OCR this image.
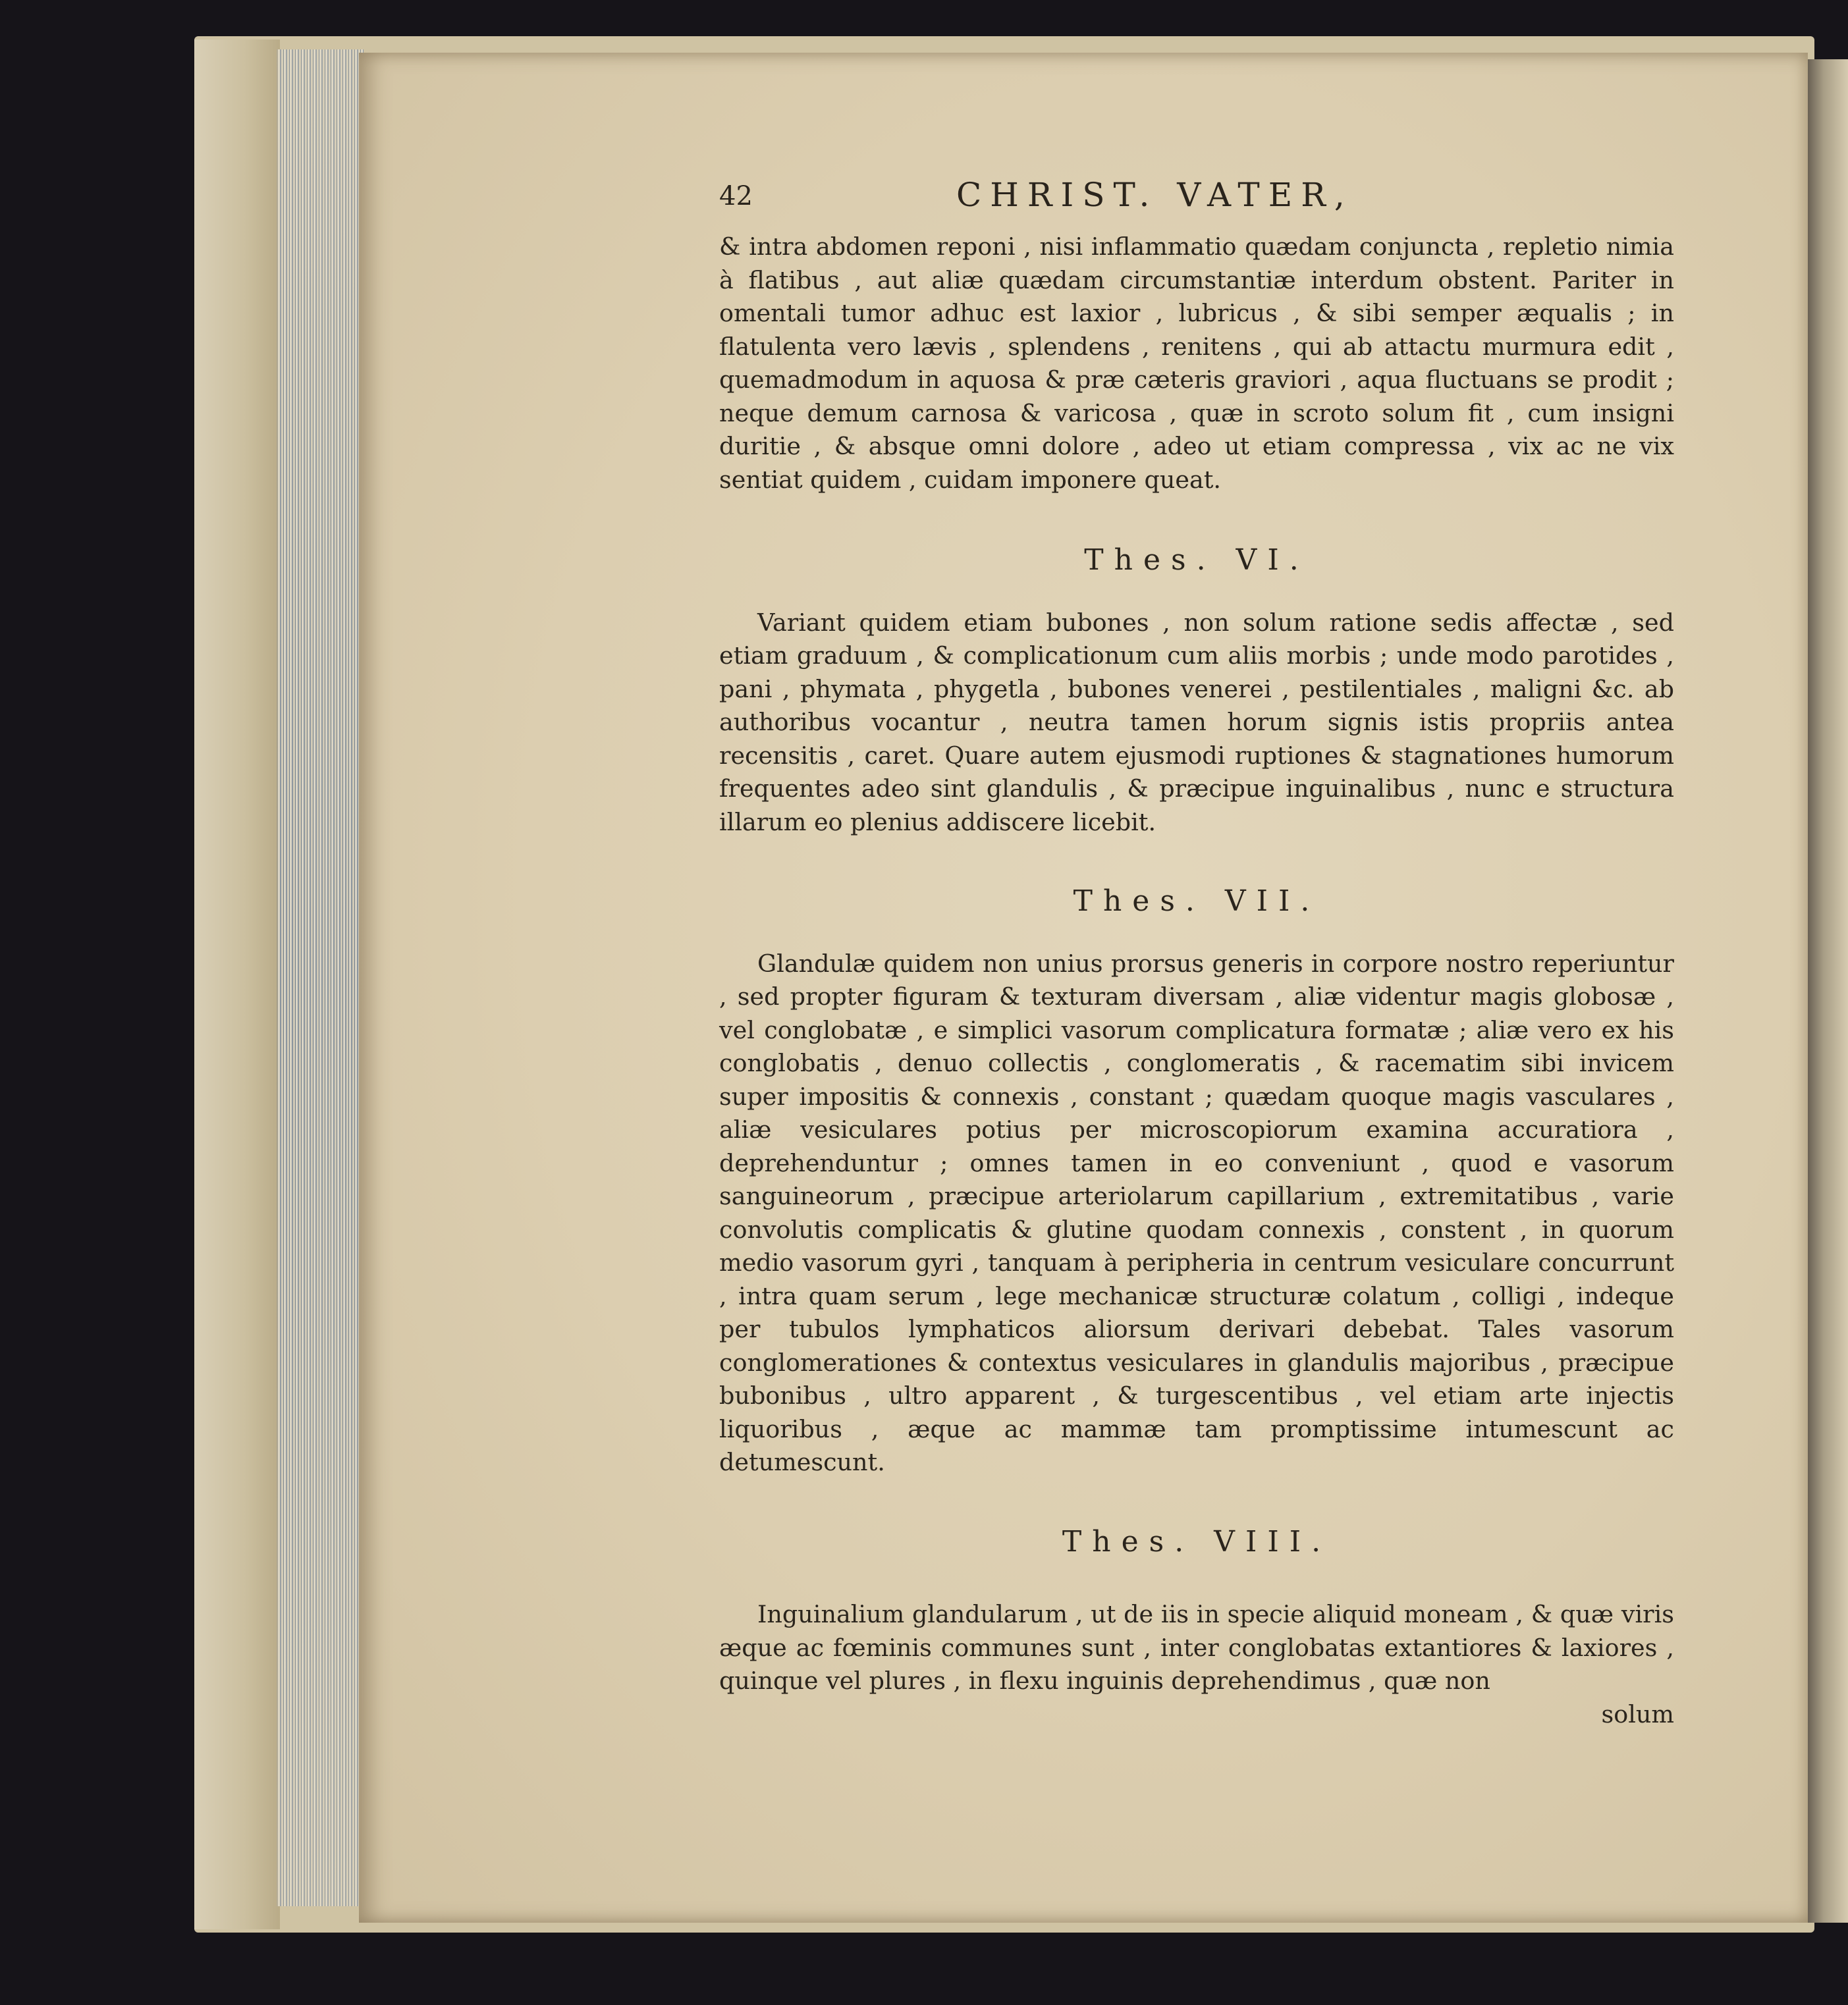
42	CHRIST. VATER,

& intra abdomen reponi , nisi inflammatio quædam conjuncta , repletio nimia à flatibus , aut aliæ quædam circumstantiæ interdum obstent. Pariter in omentali tumor adhuc est laxior , lubricus , & sibi semper æqualis ; in flatulenta vero lævis , splendens , renitens , qui ab attactu murmura edit , quemadmodum in aquosa & præ cæteris graviori , aqua fluctuans se prodit ; neque demum carnosa & varicosa , quæ in scroto solum fit , cum insigni duritie , & absque omni dolore , adeo ut etiam compressa , vix ac ne vix sentiat quidem , cuidam imponere queat.

Thes. VI.

Variant quidem etiam bubones , non solum ratione sedis affectæ , sed etiam graduum , & complicationum cum aliis morbis ; unde modo parotides , pani , phymata , phygetla , bubones venerei , pestilentiales , maligni &c. ab authoribus vocantur , neutra tamen horum signis istis propriis antea recensitis , caret. Quare autem ejusmodi ruptiones & stagnationes humorum frequentes adeo sint glandulis , & præcipue inguinalibus , nunc e structura illarum eo plenius addiscere licebit.

Thes. VII.

Glandulæ quidem non unius prorsus generis in corpore nostro reperiuntur , sed propter figuram & texturam diversam , aliæ videntur magis globosæ , vel conglobatæ , e simplici vasorum complicatura formatæ ; aliæ vero ex his conglobatis , denuo collectis , conglomeratis , & racematim sibi invicem super impositis & connexis , constant ; quædam quoque magis vasculares , aliæ vesiculares potius per microscopiorum examina accuratiora , deprehenduntur ; omnes tamen in eo conveniunt , quod e vasorum sanguineorum , præcipue arteriolarum capillarium , extremitatibus , varie convolutis complicatis & glutine quodam connexis , constent , in quorum medio vasorum gyri , tanquam à peripheria in centrum vesiculare concurrunt , intra quam serum , lege mechanicæ structuræ colatum , colligi , indeque per tubulos lymphaticos aliorsum derivari debebat. Tales vasorum conglomerationes & contextus vesiculares in glandulis majoribus , præcipue bubonibus , ultro apparent , & turgescentibus , vel etiam arte injectis liquoribus , æque ac mammæ tam promptissime intumescunt ac detumescunt.

Thes. VIII.

Inguinalium glandularum , ut de iis in specie aliquid moneam , & quæ viris æque ac fœminis communes sunt , inter conglobatas extantiores & laxiores , quinque vel plures , in flexu inguinis deprehendimus , quæ non

solum
